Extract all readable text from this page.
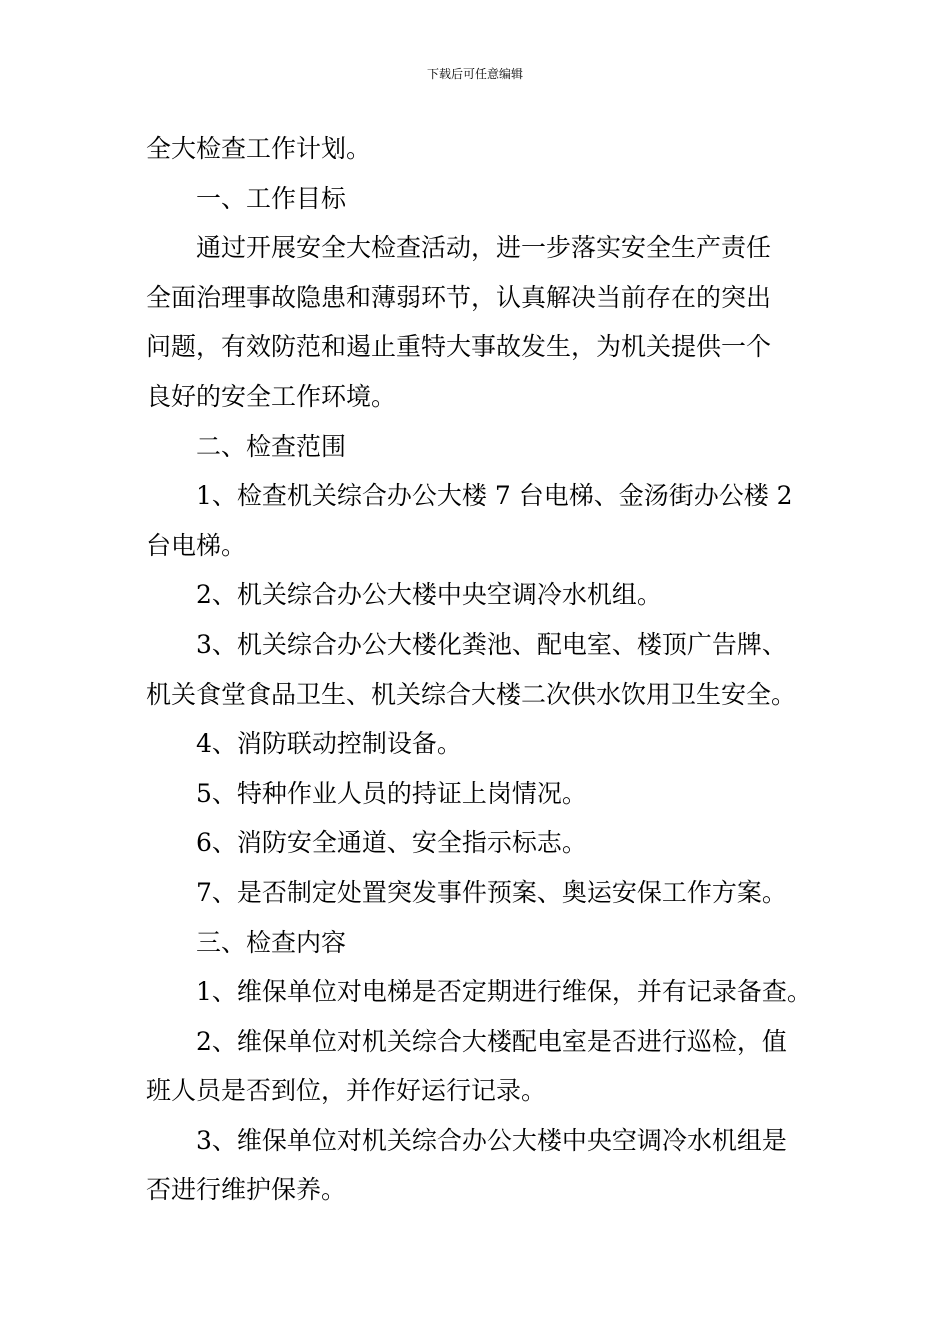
下载后可任意编辑
全大检查工作计划。
一、工作目标
通过开展安全大检查活动，进一步落实安全生产责任
全面治理事故隐患和薄弱环节，认真解决当前存在的突出
问题，有效防范和遏止重特大事故发生，为机关提供一个
良好的安全工作环境。
二、检查范围
1、检查机关综合办公大楼 7 台电梯、金汤街办公楼 2
台电梯。
2、机关综合办公大楼中央空调冷水机组。
3、机关综合办公大楼化粪池、配电室、楼顶广告牌、
机关食堂食品卫生、机关综合大楼二次供水饮用卫生安全。
4、消防联动控制设备。
5、特种作业人员的持证上岗情况。
6、消防安全通道、安全指示标志。
7、是否制定处置突发事件预案、奥运安保工作方案。
三、检查内容
1、维保单位对电梯是否定期进行维保，并有记录备查。
2、维保单位对机关综合大楼配电室是否进行巡检，值
班人员是否到位，并作好运行记录。
3、维保单位对机关综合办公大楼中央空调冷水机组是
否进行维护保养。
